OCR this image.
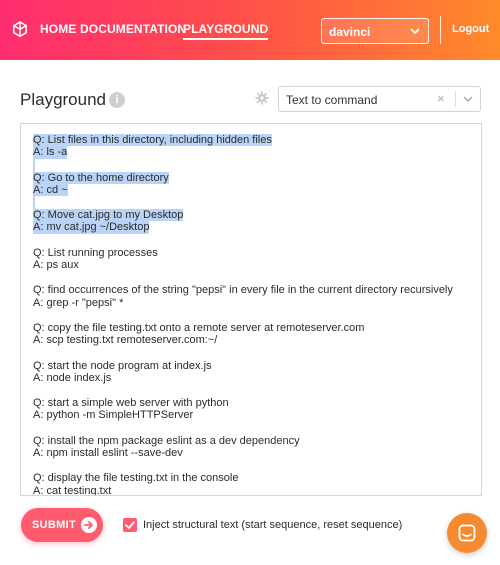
HOME DOCUMENTATION
PLAYGROUND	davinci	Logout
Playground i	Text to command	×
Q: List files in this directory, including hidden files
A: ls -a
Q: Go to the home directory
A: cd ~
Q: Move cat.jpg to my Desktop
A: mv cat.jpg ~/Desktop
Q: List running processes
A: ps aux
Q: find occurrences of the string "pepsi" in every file in the current directory recursively
A: grep -r "pepsi" *
Q: copy the file testing.txt onto a remote server at remoteserver.com
A: scp testing.txt remoteserver.com:~/
Q: start the node program at index.js
A: node index.js
Q: start a simple web server with python
A: python -m SimpleHTTPServer
Q: install the npm package eslint as a dev dependency
A: npm install eslint --save-dev
Q: display the file testing.txt in the console
A: cat testing.txt
SUBMIT	Inject structural text (start sequence, reset sequence)
